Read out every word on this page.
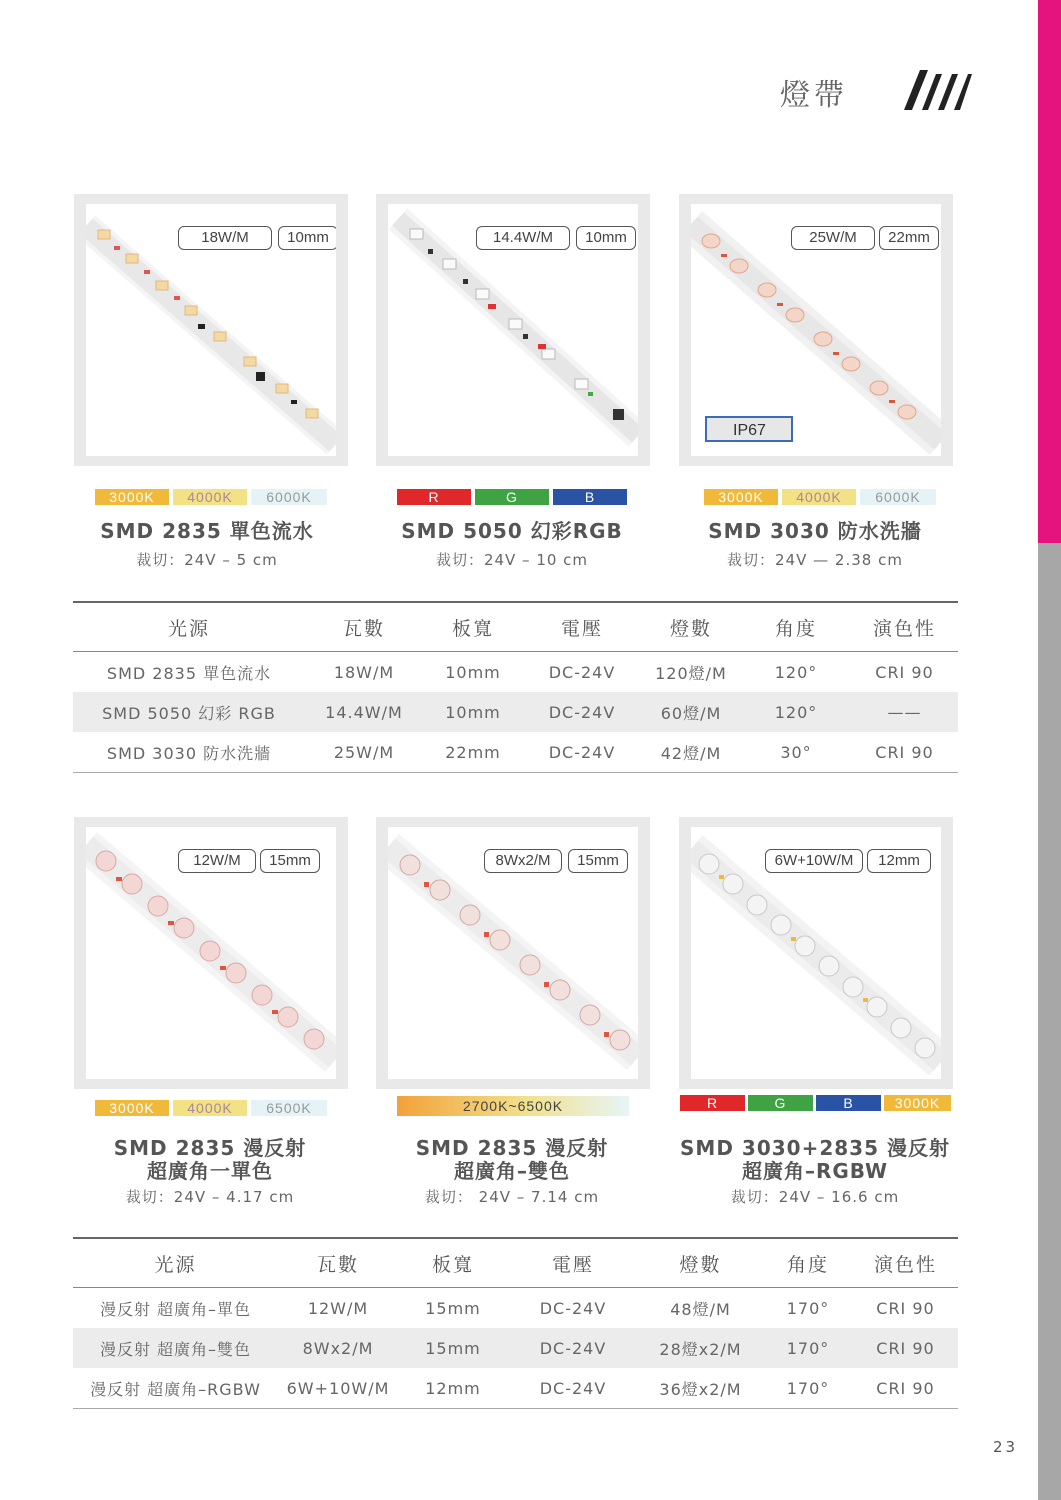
燈帶
18W/M	10mm	14.4W/M	10mm	25W/M	22mm
IP67
3000K	4000K	6000K	R	G	B	3000K	4000K	6000K
SMD 2835 單色流水
裁切：24V – 5 cm
SMD 5050 幻彩RGB
裁切：24V – 10 cm
SMD 3030 防水洗牆
裁切：24V — 2.38 cm
光源	瓦數	板寬	電壓	燈數	角度	演色性
SMD 2835 單色流水	18W/M	10mm	DC-24V	120燈/M	120°	CRI 90
SMD 5050 幻彩 RGB	14.4W/M	10mm	DC-24V	60燈/M	120°	——
SMD 3030 防水洗牆	25W/M	22mm	DC-24V	42燈/M	30°	CRI 90
12W/M	15mm	8Wx2/M	15mm	6W+10W/M	12mm
3000K	4000K	6500K	2700K~6500K	R	G	B	3000K
SMD 2835 漫反射
超廣角一單色
裁切：24V – 4.17 cm
SMD 2835 漫反射
超廣角–雙色
裁切： 24V – 7.14 cm
SMD 3030+2835 漫反射
超廣角–RGBW
裁切：24V – 16.6 cm
光源	瓦數	板寬	電壓	燈數	角度	演色性
漫反射 超廣角–單色	12W/M	15mm	DC-24V	48燈/M	170°	CRI 90
漫反射 超廣角–雙色	8Wx2/M	15mm	DC-24V	28燈x2/M	170°	CRI 90
漫反射 超廣角–RGBW	6W+10W/M	12mm	DC-24V	36燈x2/M	170°	CRI 90
23
